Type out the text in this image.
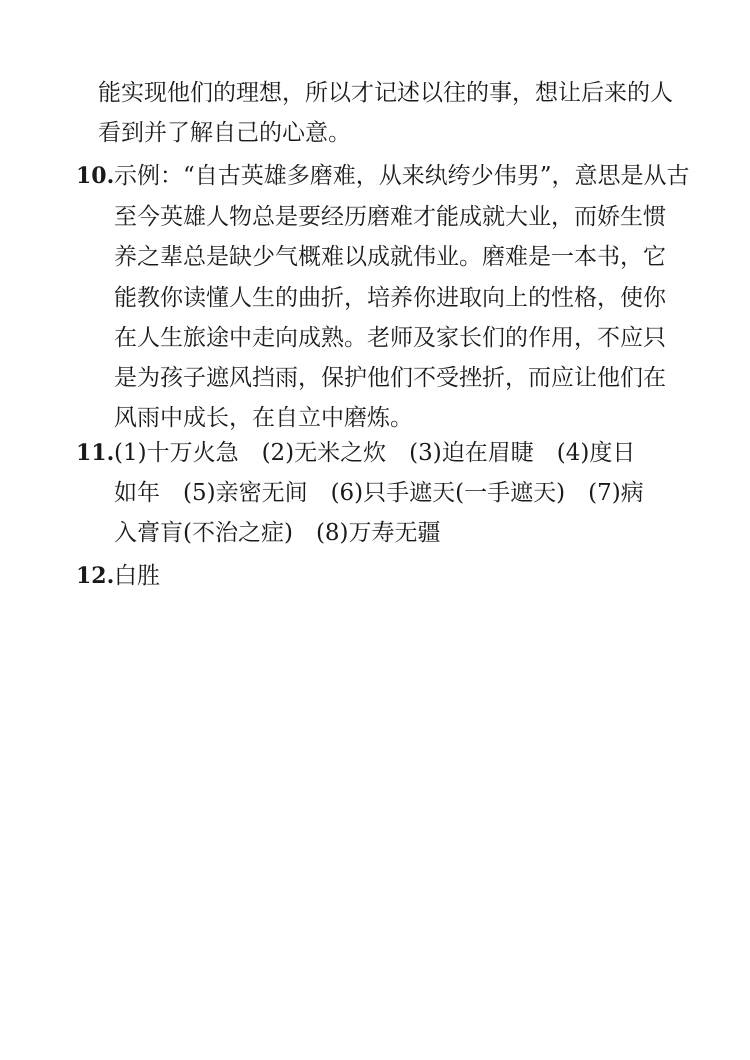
能实现他们的理想，所以才记述以往的事，想让后来的人
看到并了解自己的心意。
10. 示例：“自古英雄多磨难，从来纨绔少伟男”，意思是从古
至今英雄人物总是要经历磨难才能成就大业，而娇生惯
养之辈总是缺少气概难以成就伟业。磨难是一本书，它
能教你读懂人生的曲折，培养你进取向上的性格，使你
在人生旅途中走向成熟。老师及家长们的作用，不应只
是为孩子遮风挡雨，保护他们不受挫折，而应让他们在
风雨中成长，在自立中磨炼。
11. (1)十万火急　(2)无米之炊　(3)迫在眉睫　(4)度日
如年　(5)亲密无间　(6)只手遮天(一手遮天)　(7)病
入膏肓(不治之症)　(8)万寿无疆
12. 白胜
